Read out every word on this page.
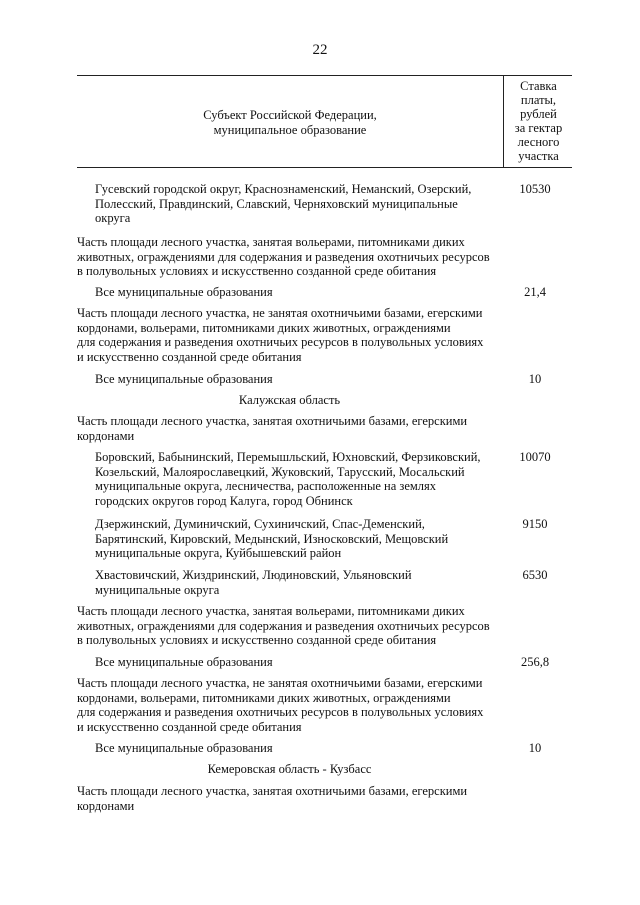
22
Субъект Российской Федерации,
муниципальное образование
Ставка
платы,
рублей
за гектар
лесного
участка
Гусевский городской округ, Краснознаменский, Неманский, Озерский,
Полесский, Правдинский, Славский, Черняховский муниципальные
округа
10530
Часть площади лесного участка, занятая вольерами, питомниками диких
животных, ограждениями для содержания и разведения охотничьих ресурсов
в полувольных условиях и искусственно созданной среде обитания
Все муниципальные образования	21,4
Часть площади лесного участка, не занятая охотничьими базами, егерскими
кордонами, вольерами, питомниками диких животных, ограждениями
для содержания и разведения охотничьих ресурсов в полувольных условиях
и искусственно созданной среде обитания
Все муниципальные образования	10
Калужская область
Часть площади лесного участка, занятая охотничьими базами, егерскими
кордонами
Боровский, Бабынинский, Перемышльский, Юхновский, Ферзиковский,
Козельский, Малоярославецкий, Жуковский, Тарусский, Мосальский
муниципальные округа, лесничества, расположенные на землях
городских округов город Калуга, город Обнинск
10070
Дзержинский, Думиничский, Сухиничский, Спас-Деменский,
Барятинский, Кировский, Медынский, Износковский, Мещовский
муниципальные округа, Куйбышевский район
9150
Хвастовичский, Жиздринский, Людиновский, Ульяновский
муниципальные округа
6530
Часть площади лесного участка, занятая вольерами, питомниками диких
животных, ограждениями для содержания и разведения охотничьих ресурсов
в полувольных условиях и искусственно созданной среде обитания
Все муниципальные образования	256,8
Часть площади лесного участка, не занятая охотничьими базами, егерскими
кордонами, вольерами, питомниками диких животных, ограждениями
для содержания и разведения охотничьих ресурсов в полувольных условиях
и искусственно созданной среде обитания
Все муниципальные образования	10
Кемеровская область - Кузбасс
Часть площади лесного участка, занятая охотничьими базами, егерскими
кордонами
